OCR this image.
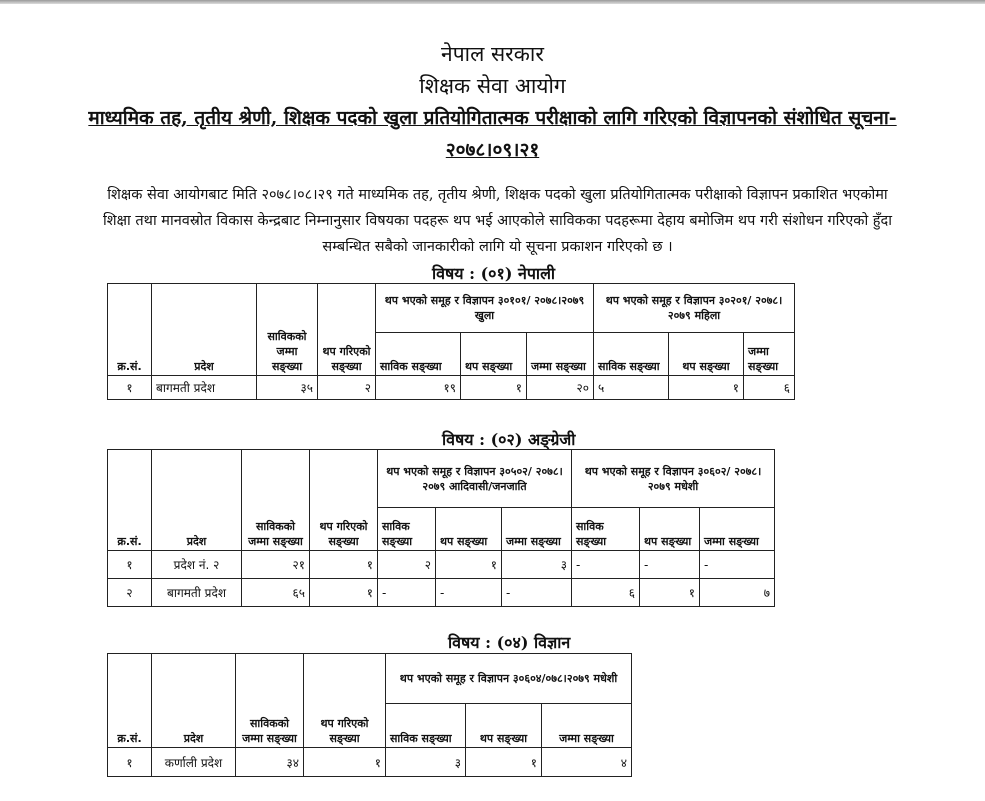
नेपाल सरकार
शिक्षक सेवा आयोग
माध्यमिक तह, तृतीय श्रेणी, शिक्षक पदको खुला प्रतियोगितात्मक परीक्षाको लागि गरिएको विज्ञापनको संशोधित सूचना-
२०७८।०९।२१
शिक्षक सेवा आयोगबाट मिति २०७८।०८।२९ गते माध्यमिक तह, तृतीय श्रेणी, शिक्षक पदको खुला प्रतियोगितात्मक परीक्षाको विज्ञापन प्रकाशित भएकोमा
शिक्षा तथा मानवस्रोत विकास केन्द्रबाट निम्नानुसार विषयका पदहरू थप भई आएकोले साविकका पदहरूमा देहाय बमोजिम थप गरी संशोधन गरिएको हुँदा
सम्बन्धित सबैको जानकारीको लागि यो सूचना प्रकाशन गरिएको छ ।
विषय : (०१) नेपाली
क्र.सं.	प्रदेश	साविकको जम्मा सङ्ख्या	थप गरिएको सङ्ख्या	थप भएको समूह र विज्ञापन ३०१०१/ २०७८।२०७९ खुला			थप भएको समूह र विज्ञापन ३०२०१/ २०७८।२०७९ महिला		
				साविक सङ्ख्या	थप सङ्ख्या	जम्मा सङ्ख्या	साविक सङ्ख्या	थप सङ्ख्या	जम्मा सङ्ख्या
१	बागमती प्रदेश	३५	२	१९	१	२०	५	१	६
विषय : (०२) अङ्ग्रेजी
क्र.सं.	प्रदेश	साविकको जम्मा सङ्ख्या	थप गरिएको सङ्ख्या	थप भएको समूह र विज्ञापन ३०५०२/ २०७८।२०७९ आदिवासी/जनजाति			थप भएको समूह र विज्ञापन ३०६०२/ २०७८।२०७९ मधेशी		
				साविक सङ्ख्या	थप सङ्ख्या	जम्मा सङ्ख्या	साविक सङ्ख्या	थप सङ्ख्या	जम्मा सङ्ख्या
१	प्रदेश नं. २	२१	१	२	१	३	-	-	-
२	बागमती प्रदेश	६५	१	-	-	-	६	१	७
विषय : (०४) विज्ञान
क्र.सं.	प्रदेश	साविकको जम्मा सङ्ख्या	थप गरिएको सङ्ख्या	थप भएको समूह र विज्ञापन ३०६०४/०७८।२०७९ मधेशी		
				साविक सङ्ख्या	थप सङ्ख्या	जम्मा सङ्ख्या
१	कर्णाली प्रदेश	३४	१	३	१	४
